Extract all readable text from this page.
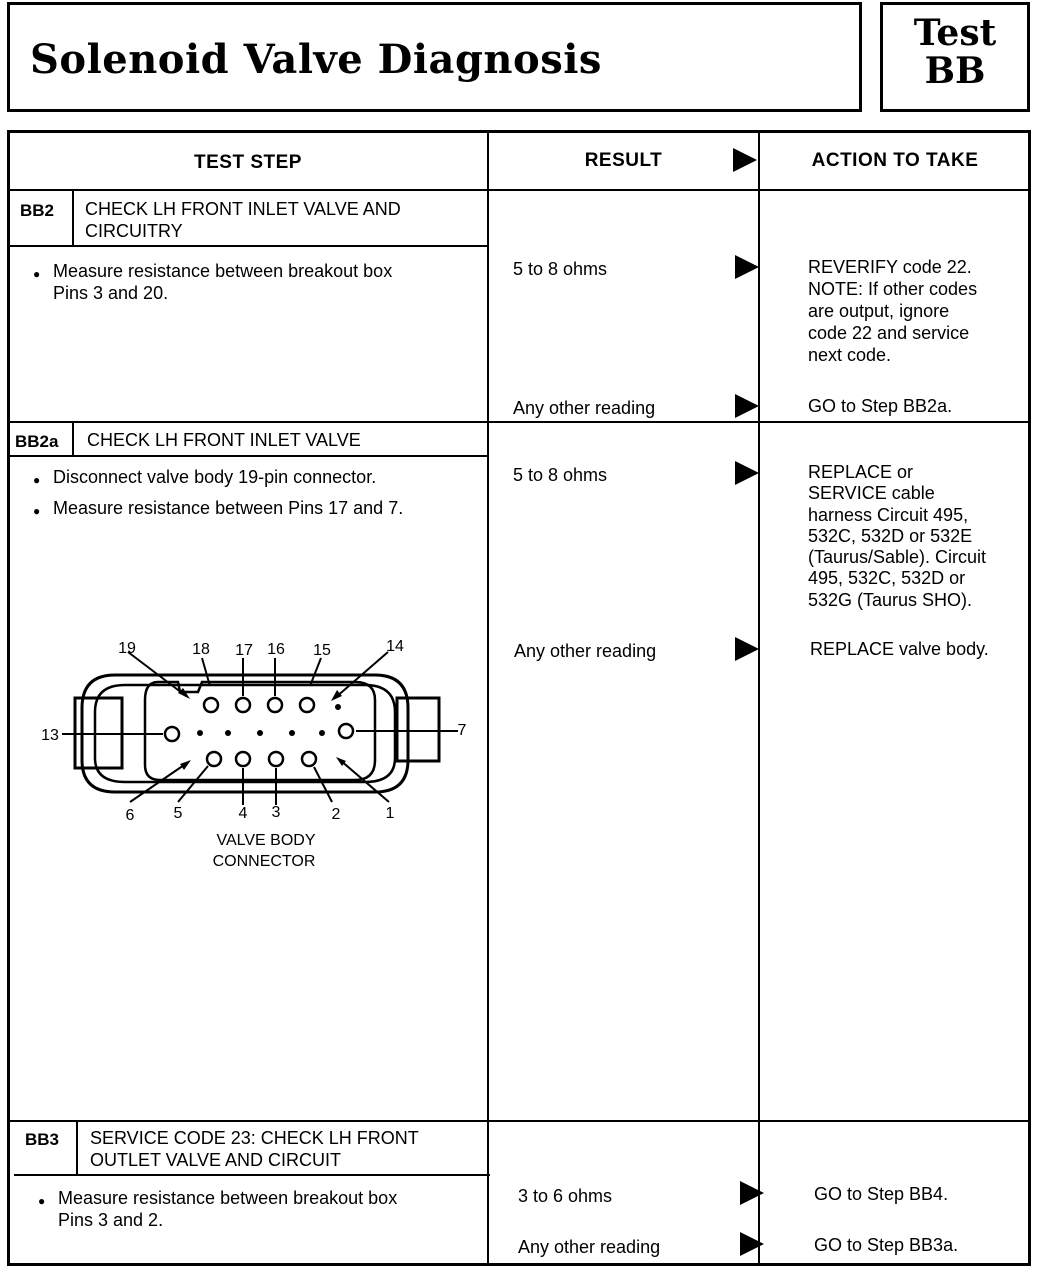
Solenoid Valve Diagnosis
Test
BB
TEST STEP	RESULT	ACTION TO TAKE
BB2 CHECK LH FRONT INLET VALVE AND
CIRCUITRY
● Measure resistance between breakout box
Pins 3 and 20.
5 to 8 ohms	REVERIFY code 22.
NOTE: If other codes
are output, ignore
code 22 and service
next code.
Any other reading	GO to Step BB2a.
BB2a CHECK LH FRONT INLET VALVE
● Disconnect valve body 19-pin connector.
● Measure resistance between Pins 17 and 7.
5 to 8 ohms	REPLACE or
SERVICE cable
harness Circuit 495,
532C, 532D or 532E
(Taurus/Sable). Circuit
495, 532C, 532D or
532G (Taurus SHO).
Any other reading	REPLACE valve body.
19	18 17 16 15	14
13	7
6 5	4 3	2	1
VALVE BODY
CONNECTOR
BB3 SERVICE CODE 23: CHECK LH FRONT
OUTLET VALVE AND CIRCUIT
● Measure resistance between breakout box
Pins 3 and 2.
3 to 6 ohms	GO to Step BB4.
Any other reading	GO to Step BB3a.
